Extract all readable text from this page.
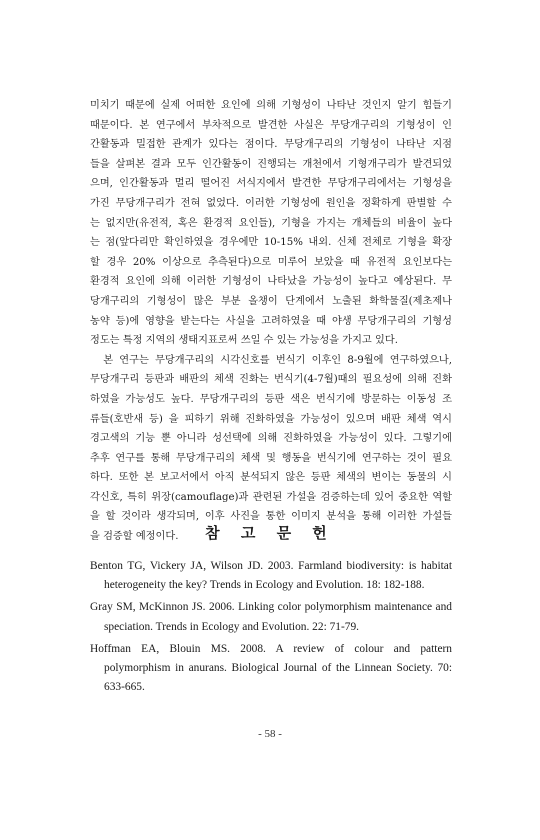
미치기 때문에 실제 어떠한 요인에 의해 기형성이 나타난 것인지 알기 힘들기
때문이다. 본 연구에서 부차적으로 발견한 사실은 무당개구리의 기형성이 인
간활동과 밀접한 관계가 있다는 점이다. 무당개구리의 기형성이 나타난 지점
들을 살펴본 결과 모두 인간활동이 진행되는 개천에서 기형개구리가 발견되었
으며, 인간활동과 멀리 떨어진 서식지에서 발견한 무당개구리에서는 기형성을
가진 무당개구리가 전혀 없었다. 이러한 기형성에 원인을 정확하게 판별할 수
는 없지만(유전적, 혹은 환경적 요인들), 기형을 가지는 개체들의 비율이 높다
는 점(앞다리만 확인하였을 경우에만 10-15% 내외. 신체 전체로 기형을 확장
할 경우 20% 이상으로 추측된다)으로 미루어 보았을 때 유전적 요인보다는
환경적 요인에 의해 이러한 기형성이 나타났을 가능성이 높다고 예상된다. 무
당개구리의 기형성이 많은 부분 올챙이 단계에서 노출된 화학물질(제초제나
농약 등)에 영향을 받는다는 사실을 고려하였을 때 야생 무당개구리의 기형성
정도는 특정 지역의 생태지표로써 쓰일 수 있는 가능성을 가지고 있다.
　본 연구는 무당개구리의 시각신호를 번식기 이후인 8-9월에 연구하였으나,
무당개구리 등판과 배판의 체색 진화는 번식기(4-7월)때의 필요성에 의해 진화
하였을 가능성도 높다. 무당개구리의 등판 색은 번식기에 방문하는 이동성 조
류들(호반새 등) 을 피하기 위해 진화하였을 가능성이 있으며 배판 체색 역시
경고색의 기능 뿐 아니라 성선택에 의해 진화하였을 가능성이 있다. 그렇기에
추후 연구를 통해 무당개구리의 체색 및 행동을 번식기에 연구하는 것이 필요
하다. 또한 본 보고서에서 아직 분석되지 않은 등판 체색의 변이는 동물의 시
각신호, 특히 위장(camouflage)과 관련된 가설을 검증하는데 있어 중요한 역할
을 할 것이라 생각되며, 이후 사진을 통한 이미지 분석을 통해 이러한 가설들
을 검증할 예정이다.	참 고 문 헌
Benton TG, Vickery JA, Wilson JD. 2003. Farmland biodiversity: is habitat
heterogeneity the key? Trends in Ecology and Evolution. 18: 182-188.
Gray SM, McKinnon JS. 2006. Linking color polymorphism maintenance and
speciation. Trends in Ecology and Evolution. 22: 71-79.
Hoffman EA, Blouin MS. 2008. A review of colour and pattern
polymorphism in anurans. Biological Journal of the Linnean Society. 70:
633-665.
- 58 -
